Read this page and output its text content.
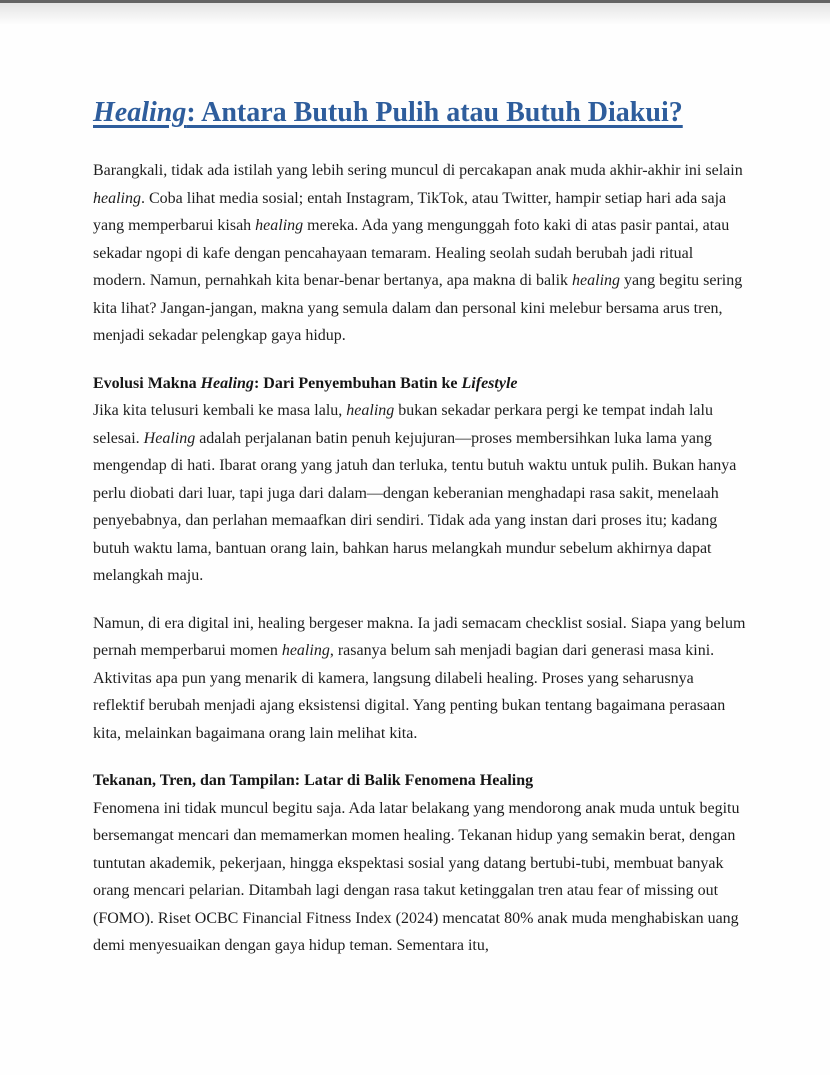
Healing: Antara Butuh Pulih atau Butuh Diakui?

Barangkali, tidak ada istilah yang lebih sering muncul di percakapan anak muda akhir-akhir ini selain healing. Coba lihat media sosial; entah Instagram, TikTok, atau Twitter, hampir setiap hari ada saja yang memperbarui kisah healing mereka. Ada yang mengunggah foto kaki di atas pasir pantai, atau sekadar ngopi di kafe dengan pencahayaan temaram. Healing seolah sudah berubah jadi ritual modern. Namun, pernahkah kita benar-benar bertanya, apa makna di balik healing yang begitu sering kita lihat? Jangan-jangan, makna yang semula dalam dan personal kini melebur bersama arus tren, menjadi sekadar pelengkap gaya hidup.

Evolusi Makna Healing: Dari Penyembuhan Batin ke Lifestyle

Jika kita telusuri kembali ke masa lalu, healing bukan sekadar perkara pergi ke tempat indah lalu selesai. Healing adalah perjalanan batin penuh kejujuran—proses membersihkan luka lama yang mengendap di hati. Ibarat orang yang jatuh dan terluka, tentu butuh waktu untuk pulih. Bukan hanya perlu diobati dari luar, tapi juga dari dalam—dengan keberanian menghadapi rasa sakit, menelaah penyebabnya, dan perlahan memaafkan diri sendiri. Tidak ada yang instan dari proses itu; kadang butuh waktu lama, bantuan orang lain, bahkan harus melangkah mundur sebelum akhirnya dapat melangkah maju.

Namun, di era digital ini, healing bergeser makna. Ia jadi semacam checklist sosial. Siapa yang belum pernah memperbarui momen healing, rasanya belum sah menjadi bagian dari generasi masa kini. Aktivitas apa pun yang menarik di kamera, langsung dilabeli healing. Proses yang seharusnya reflektif berubah menjadi ajang eksistensi digital. Yang penting bukan tentang bagaimana perasaan kita, melainkan bagaimana orang lain melihat kita.

Tekanan, Tren, dan Tampilan: Latar di Balik Fenomena Healing

Fenomena ini tidak muncul begitu saja. Ada latar belakang yang mendorong anak muda untuk begitu bersemangat mencari dan memamerkan momen healing. Tekanan hidup yang semakin berat, dengan tuntutan akademik, pekerjaan, hingga ekspektasi sosial yang datang bertubi-tubi, membuat banyak orang mencari pelarian. Ditambah lagi dengan rasa takut ketinggalan tren atau fear of missing out (FOMO). Riset OCBC Financial Fitness Index (2024) mencatat 80% anak muda menghabiskan uang demi menyesuaikan dengan gaya hidup teman. Sementara itu,
